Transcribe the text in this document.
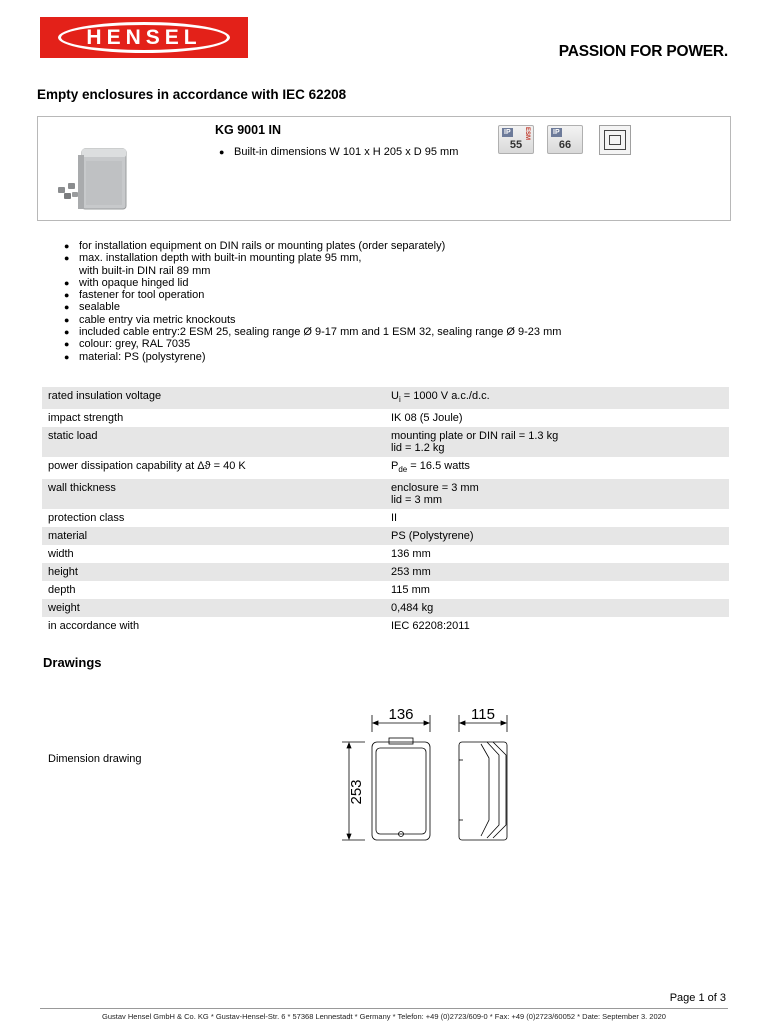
HENSEL
PASSION FOR POWER.
Empty enclosures in accordance with IEC 62208
KG 9001 IN
● Built-in dimensions W 101 x H 205 x D 95 mm
IP	ESM
55
IP
66
● for installation equipment on DIN rails or mounting plates (order separately)
● max. installation depth with built-in mounting plate 95 mm,
with built-in DIN rail 89 mm
● with opaque hinged lid
● fastener for tool operation
● sealable
● cable entry via metric knockouts
● included cable entry:2 ESM 25, sealing range Ø 9-17 mm and 1 ESM 32, sealing range Ø 9-23 mm
● colour: grey, RAL 7035
● material: PS (polystyrene)
rated insulation voltage	$U_i = 1000$ V a.c./d.c.
impact strength	IK 08 (5 Joule)
static load	mounting plate or DIN rail = 1.3 kg
lid = 1.2 kg
power dissipation capability at Δϑ = 40 K	$P_{de} = 16.5$ watts
wall thickness	enclosure = 3 mm
lid = 3 mm
protection class	II
material	PS (Polystyrene)
width	136 mm
height	253 mm
depth	115 mm
weight	0,484 kg
in accordance with	IEC 62208:2011
Drawings
Dimension drawing
136	115
253
Page 1 of 3
Gustav Hensel GmbH & Co. KG * Gustav-Hensel-Str. 6 * 57368 Lennestadt * Germany * Telefon: +49 (0)2723/609-0 * Fax: +49 (0)2723/60052 * Date: September 3. 2020
